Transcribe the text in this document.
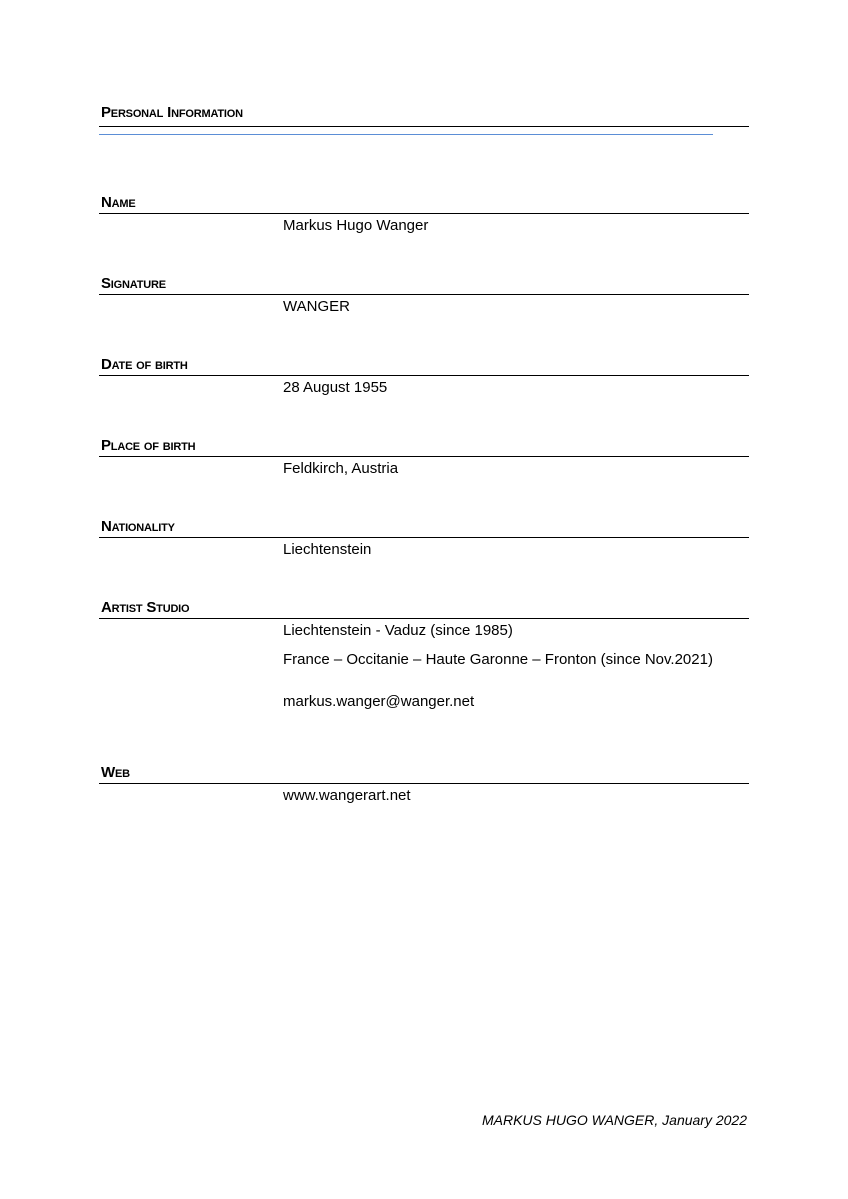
Personal Information
Name

Markus Hugo Wanger

Signature

WANGER

Date of birth

28 August 1955

Place of birth

Feldkirch, Austria

Nationality

Liechtenstein

Artist Studio

Liechtenstein - Vaduz (since 1985)

France – Occitanie – Haute Garonne – Fronton (since Nov.2021)

markus.wanger@wanger.net

Web

www.wangerart.net

MARKUS HUGO WANGER, January 2022
